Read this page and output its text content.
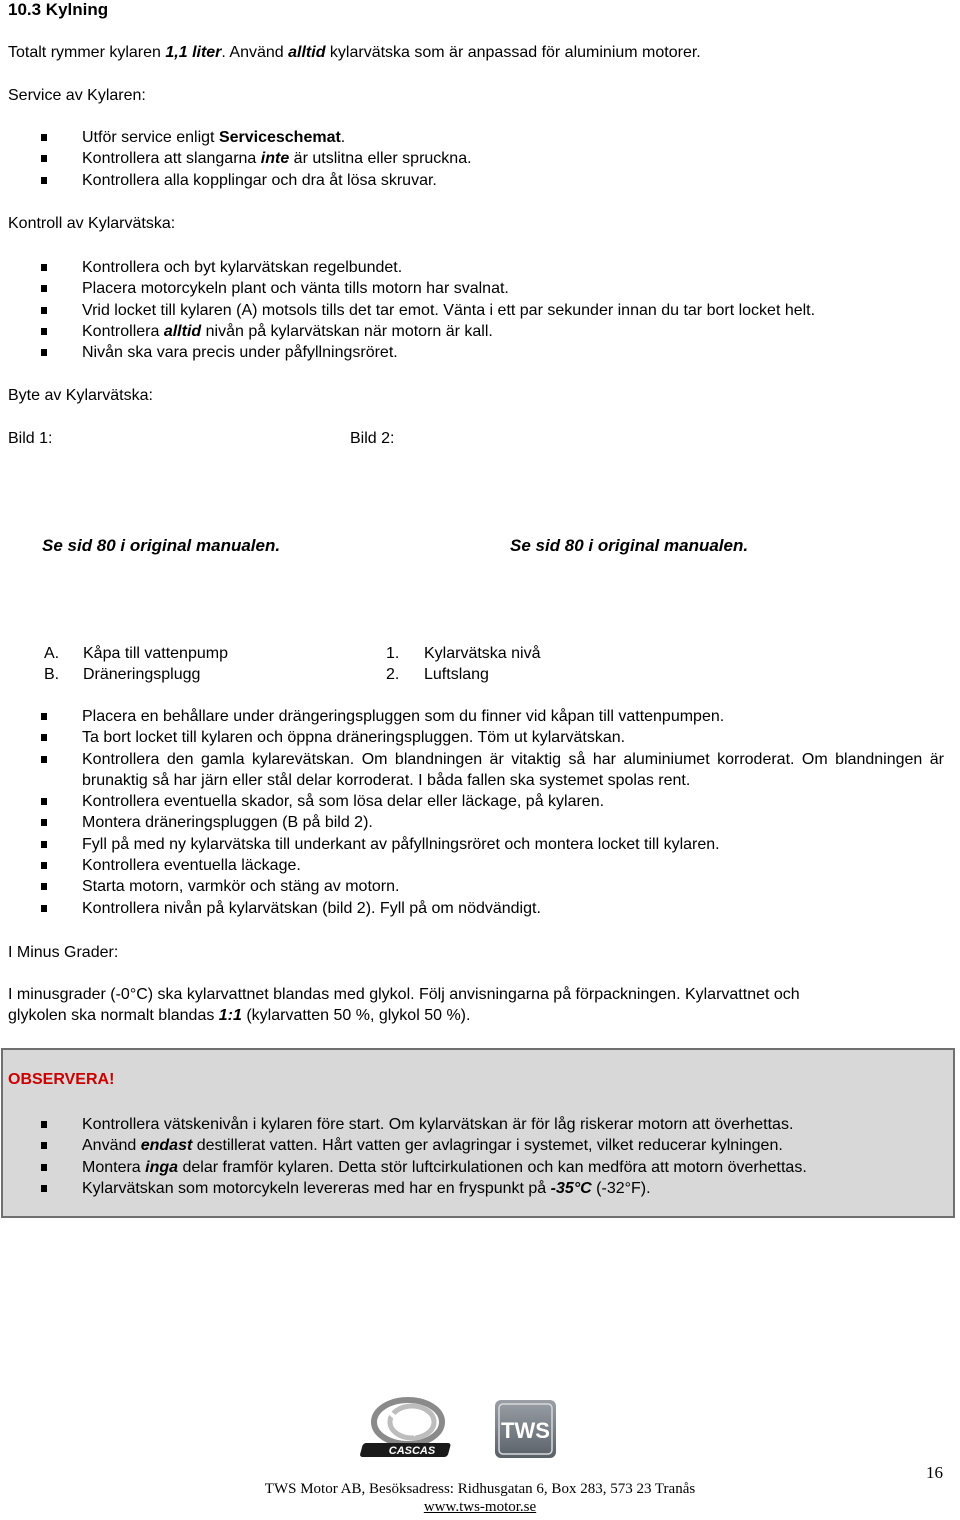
10.3 Kylning
Totalt rymmer kylaren 1,1 liter. Använd alltid kylarvätska som är anpassad för aluminium motorer.
Service av Kylaren:
Utför service enligt Serviceschemat.
Kontrollera att slangarna inte är utslitna eller spruckna.
Kontrollera alla kopplingar och dra åt lösa skruvar.
Kontroll av Kylarvätska:
Kontrollera och byt kylarvätskan regelbundet.
Placera motorcykeln plant och vänta tills motorn har svalnat.
Vrid locket till kylaren (A) motsols tills det tar emot. Vänta i ett par sekunder innan du tar bort locket helt.
Kontrollera alltid nivån på kylarvätskan när motorn är kall.
Nivån ska vara precis under påfyllningsröret.
Byte av Kylarvätska:
Bild 1:	Bild 2:
Se sid 80 i original manualen.	Se sid 80 i original manualen.
A. Kåpa till vattenpump
B. Dräneringsplugg
1. Kylarvätska nivå
2. Luftslang
Placera en behållare under drängeringspluggen som du finner vid kåpan till vattenpumpen.
Ta bort locket till kylaren och öppna dräneringspluggen. Töm ut kylarvätskan.
Kontrollera den gamla kylarevätskan. Om blandningen är vitaktig så har aluminiumet korroderat. Om blandningen är brunaktig så har järn eller stål delar korroderat. I båda fallen ska systemet spolas rent.
Kontrollera eventuella skador, så som lösa delar eller läckage, på kylaren.
Montera dräneringspluggen (B på bild 2).
Fyll på med ny kylarvätska till underkant av påfyllningsröret och montera locket till kylaren.
Kontrollera eventuella läckage.
Starta motorn, varmkör och stäng av motorn.
Kontrollera nivån på kylarvätskan (bild 2). Fyll på om nödvändigt.
I Minus Grader:
I minusgrader (-0°C) ska kylarvattnet blandas med glykol. Följ anvisningarna på förpackningen. Kylarvattnet och
glykolen ska normalt blandas 1:1 (kylarvatten 50 %, glykol 50 %).
OBSERVERA!
Kontrollera vätskenivån i kylaren före start. Om kylarvätskan är för låg riskerar motorn att överhettas.
Använd endast destillerat vatten. Hårt vatten ger avlagringar i systemet, vilket reducerar kylningen.
Montera inga delar framför kylaren. Detta stör luftcirkulationen och kan medföra att motorn överhettas.
Kylarvätskan som motorcykeln levereras med har en fryspunkt på -35°C (-32°F).
CASCAS
TWS
TWS Motor AB, Besöksadress: Ridhusgatan 6, Box 283, 573 23 Tranås
www.tws-motor.se
16
